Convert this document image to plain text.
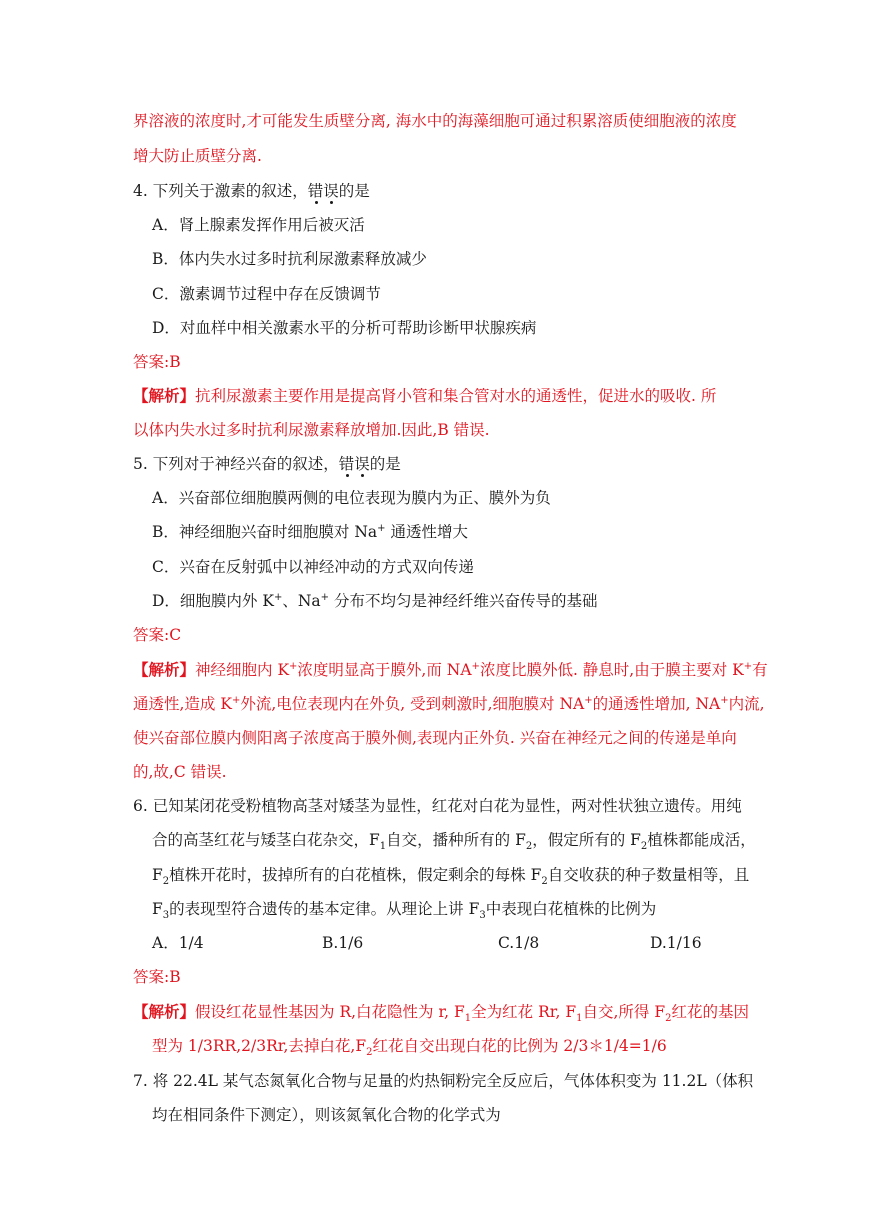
界溶液的浓度时,才可能发生质壁分离, 海水中的海藻细胞可通过积累溶质使细胞液的浓度
增大防止质壁分离.
4. 下列关于激素的叙述，错误的是
A．肾上腺素发挥作用后被灭活
B．体内失水过多时抗利尿激素释放减少
C．激素调节过程中存在反馈调节
D．对血样中相关激素水平的分析可帮助诊断甲状腺疾病
答案:B
【解析】抗利尿激素主要作用是提高肾小管和集合管对水的通透性，促进水的吸收. 所
以体内失水过多时抗利尿激素释放增加.因此,B 错误.
5. 下列对于神经兴奋的叙述，错误的是
A．兴奋部位细胞膜两侧的电位表现为膜内为正、膜外为负
B．神经细胞兴奋时细胞膜对 Na+ 通透性增大
C．兴奋在反射弧中以神经冲动的方式双向传递
D．细胞膜内外 K+、Na+ 分布不均匀是神经纤维兴奋传导的基础
答案:C
【解析】神经细胞内 K+浓度明显高于膜外,而 NA+浓度比膜外低. 静息时,由于膜主要对 K+有
通透性,造成 K+外流,电位表现内在外负, 受到刺激时,细胞膜对 NA+的通透性增加, NA+内流,
使兴奋部位膜内侧阳离子浓度高于膜外侧,表现内正外负. 兴奋在神经元之间的传递是单向
的,故,C 错误.
6. 已知某闭花受粉植物高茎对矮茎为显性，红花对白花为显性，两对性状独立遗传。用纯
合的高茎红花与矮茎白花杂交，$F_1$自交，播种所有的 $F_2$，假定所有的 $F_2$植株都能成活，
$F_2$植株开花时，拔掉所有的白花植株，假定剩余的每株 $F_2$自交收获的种子数量相等，且
$F_3$的表现型符合遗传的基本定律。从理论上讲 $F_3$中表现白花植株的比例为
A．1/4	B.1/6	C.1/8	D.1/16
答案:B
【解析】假设红花显性基因为 R,白花隐性为 r, $F_1$全为红花 Rr, $F_1$自交,所得 $F_2$红花的基因
型为 1/3RR,2/3Rr,去掉白花$,F_2$红花自交出现白花的比例为 2/3＊1/4=1/6
7. 将 22.4L 某气态氮氧化合物与足量的灼热铜粉完全反应后，气体体积变为 11.2L（体积
均在相同条件下测定），则该氮氧化合物的化学式为
